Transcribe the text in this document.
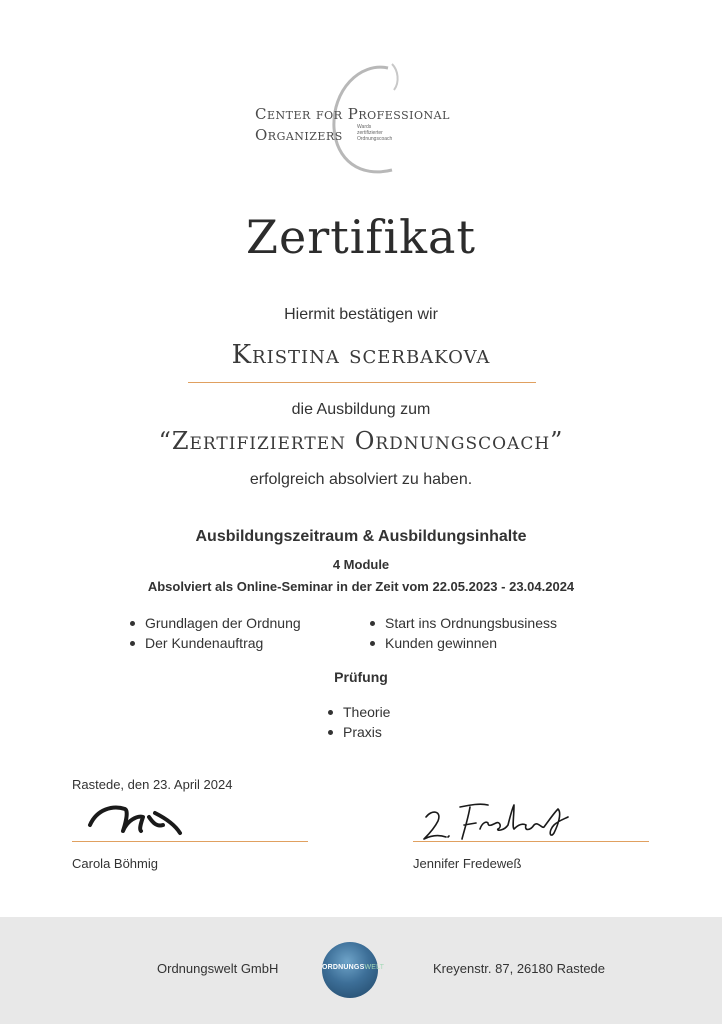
Center for Professional
Organizers	Wards
zertifizierter
Ordnungscoach
Zertifikat
Hiermit bestätigen wir
Kristina scerbakova
die Ausbildung zum
“Zertifizierten Ordnungscoach”
erfolgreich absolviert zu haben.
Ausbildungszeitraum & Ausbildungsinhalte
4 Module
Absolviert als Online-Seminar in der Zeit vom 22.05.2023 - 23.04.2024
Grundlagen der Ordnung
Der Kundenauftrag
Start ins Ordnungsbusiness
Kunden gewinnen
Prüfung
Theorie
Praxis
Rastede, den 23. April 2024
Carola Böhmig	Jennifer Fredeweß
Ordnungswelt GmbH	ORDNUNGSWELT	Kreyenstr. 87, 26180 Rastede
